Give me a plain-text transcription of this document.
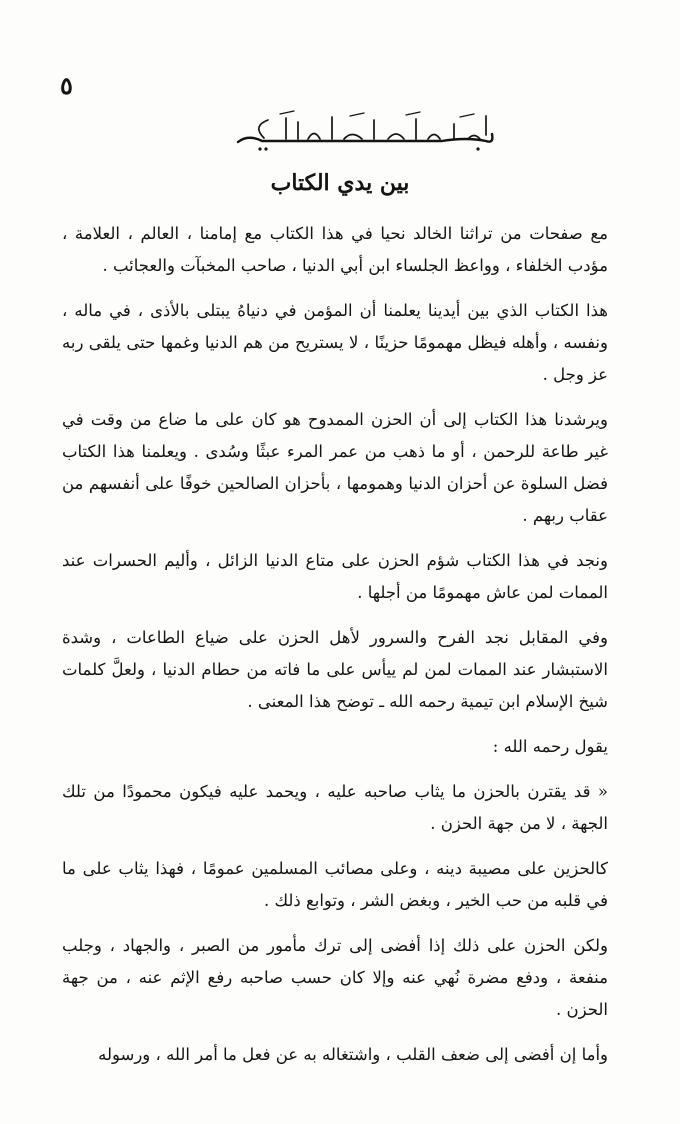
٥
بين يدي الكتاب

مع صفحات من تراثنا الخالد نحيا في هذا الكتاب مع إمامنا ، العالم ، العلامة ، مؤدب الخلفاء ، وواعظ الجلساء ابن أبي الدنيا ، صاحب المخبآت والعجائب .

هذا الكتاب الذي بين أيدينا يعلمنا أن المؤمن في دنياهُ يبتلى بالأذى ، في ماله ، ونفسه ، وأهله فيظل مهمومًا حزينًا ، لا يستريح من هم الدنيا وغمها حتى يلقى ربه عز وجل .

ويرشدنا هذا الكتاب إلى أن الحزن الممدوح هو كان على ما ضاع من وقت في غير طاعة للرحمن ، أو ما ذهب من عمر المرء عبثًا وسُدى . ويعلمنا هذا الكتاب فضل السلوة عن أحزان الدنيا وهمومها ، بأحزان الصالحين خوفًا على أنفسهم من عقاب ربهم .

ونجد في هذا الكتاب شؤم الحزن على متاع الدنيا الزائل ، وأليم الحسرات عند الممات لمن عاش مهمومًا من أجلها .

وفي المقابل نجد الفرح والسرور لأهل الحزن على ضياع الطاعات ، وشدة الاستبشار عند الممات لمن لم ييأس على ما فاته من حطام الدنيا ، ولعلَّ كلمات شيخ الإسلام ابن تيمية رحمه الله ـ توضح هذا المعنى .

يقول رحمه الله :

« قد يقترن بالحزن ما يثاب صاحبه عليه ، ويحمد عليه فيكون محمودًا من تلك الجهة ، لا من جهة الحزن .

كالحزين على مصيبة دينه ، وعلى مصائب المسلمين عمومًا ، فهذا يثاب على ما في قلبه من حب الخير ، وبغض الشر ، وتوابع ذلك .

ولكن الحزن على ذلك إذا أفضى إلى ترك مأمور من الصبر ، والجهاد ، وجلب منفعة ، ودفع مضرة نُهي عنه وإلا كان حسب صاحبه رفع الإثم عنه ، من جهة الحزن .

وأما إن أفضى إلى ضعف القلب ، واشتغاله به عن فعل ما أمر الله ، ورسوله
